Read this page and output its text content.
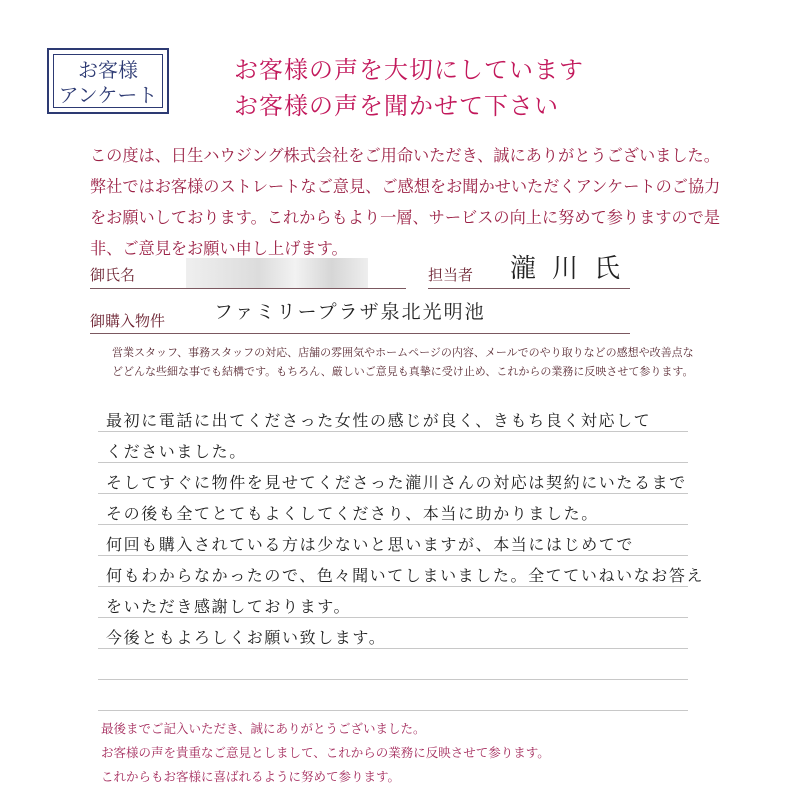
お客様
アンケート
お客様の声を大切にしています
お客様の声を聞かせて下さい
この度は、日生ハウジング株式会社をご用命いただき、誠にありがとうございました。弊社ではお客様のストレートなご意見、ご感想をお聞かせいただくアンケートのご協力をお願いしております。これからもより一層、サービスの向上に努めて参りますので是非、ご意見をお願い申し上げます。
御氏名	担当者 瀧川氏
御購入物件	ファミリープラザ泉北光明池
営業スタッフ、事務スタッフの対応、店舗の雰囲気やホームページの内容、メールでのやり取りなどの感想や改善点などどんな些細な事でも結構です。もちろん、厳しいご意見も真摯に受け止め、これからの業務に反映させて参ります。
最初に電話に出てくださった女性の感じが良く、きもち良く対応して
くださいました。
そしてすぐに物件を見せてくださった瀧川さんの対応は契約にいたるまで
その後も全てとてもよくしてくださり、本当に助かりました。
何回も購入されている方は少ないと思いますが、本当にはじめてで
何もわからなかったので、色々聞いてしまいました。全てていねいなお答え
をいただき感謝しております。
今後ともよろしくお願い致します。
最後までご記入いただき、誠にありがとうございました。
お客様の声を貴重なご意見としまして、これからの業務に反映させて参ります。
これからもお客様に喜ばれるように努めて参ります。
